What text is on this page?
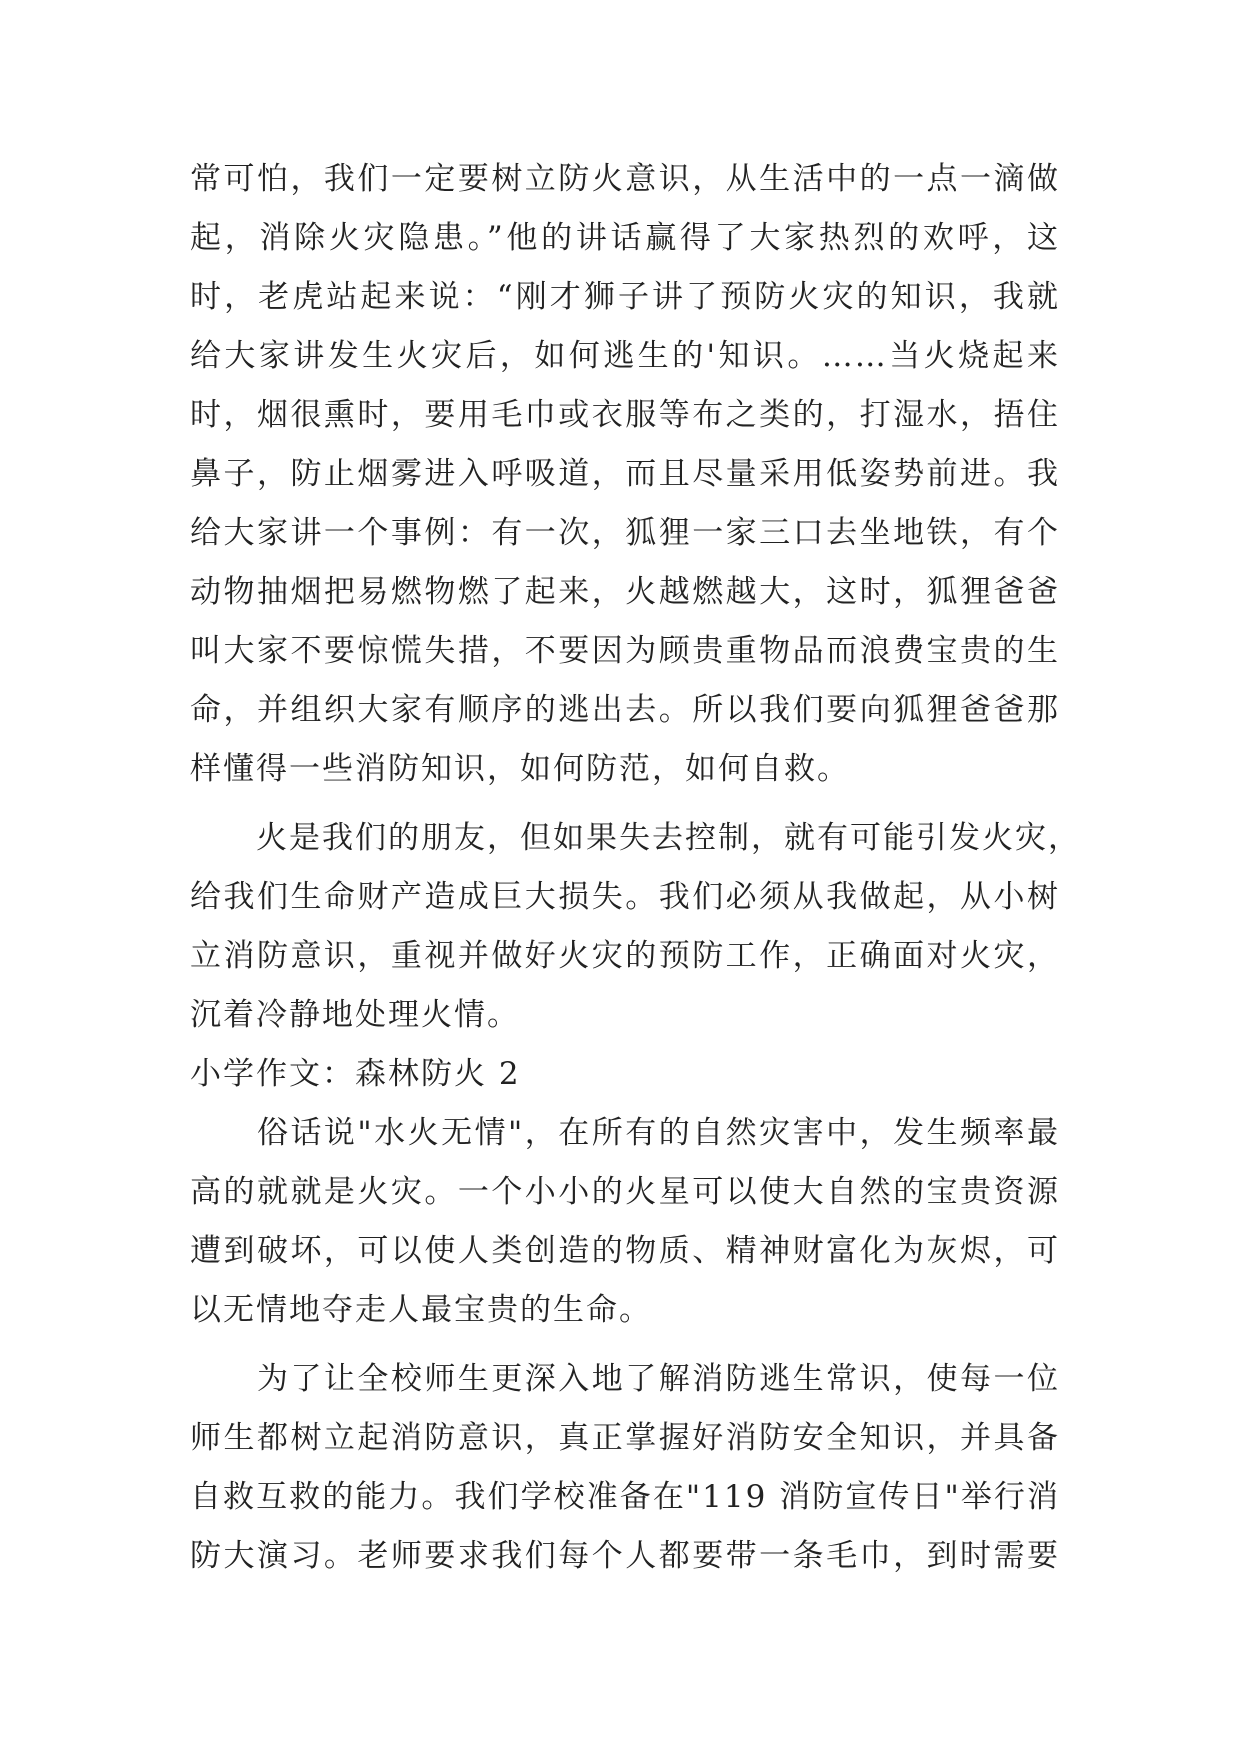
常可怕，我们一定要树立防火意识，从生活中的一点一滴做
起，消除火灾隐患。”他的讲话赢得了大家热烈的欢呼，这
时，老虎站起来说：“刚才狮子讲了预防火灾的知识，我就
给大家讲发生火灾后，如何逃生的'知识。……当火烧起来
时，烟很熏时，要用毛巾或衣服等布之类的，打湿水，捂住
鼻子，防止烟雾进入呼吸道，而且尽量采用低姿势前进。我
给大家讲一个事例：有一次，狐狸一家三口去坐地铁，有个
动物抽烟把易燃物燃了起来，火越燃越大，这时，狐狸爸爸
叫大家不要惊慌失措，不要因为顾贵重物品而浪费宝贵的生
命，并组织大家有顺序的逃出去。所以我们要向狐狸爸爸那
样懂得一些消防知识，如何防范，如何自救。
　　火是我们的朋友，但如果失去控制，就有可能引发火灾，
给我们生命财产造成巨大损失。我们必须从我做起，从小树
立消防意识，重视并做好火灾的预防工作，正确面对火灾，
沉着冷静地处理火情。
小学作文：森林防火 2
　　俗话说"水火无情"，在所有的自然灾害中，发生频率最
高的就就是火灾。一个小小的火星可以使大自然的宝贵资源
遭到破坏，可以使人类创造的物质、精神财富化为灰烬，可
以无情地夺走人最宝贵的生命。
　　为了让全校师生更深入地了解消防逃生常识，使每一位
师生都树立起消防意识，真正掌握好消防安全知识，并具备
自救互救的能力。我们学校准备在"119 消防宣传日"举行消
防大演习。老师要求我们每个人都要带一条毛巾，到时需要
